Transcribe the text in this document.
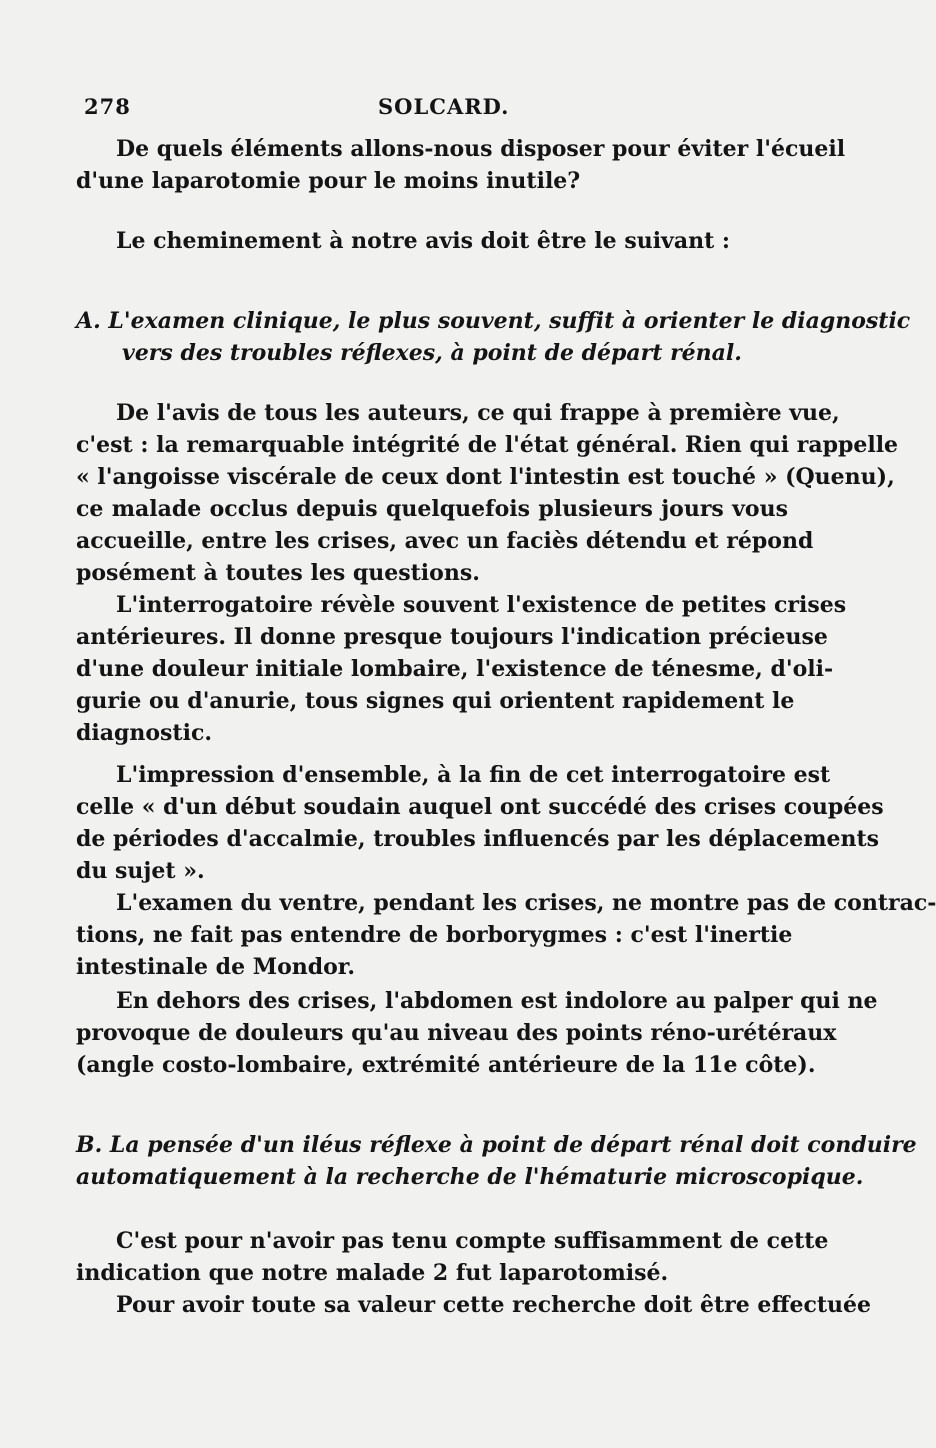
278	SOLCARD.
De quels éléments allons-nous disposer pour éviter l'écueil
d'une laparotomie pour le moins inutile?
Le cheminement à notre avis doit être le suivant :
A. L'examen clinique, le plus souvent, suffit à orienter le diagnostic
vers des troubles réflexes, à point de départ rénal.
De l'avis de tous les auteurs, ce qui frappe à première vue,
c'est : la remarquable intégrité de l'état général. Rien qui rappelle
« l'angoisse viscérale de ceux dont l'intestin est touché » (Quenu),
ce malade occlus depuis quelquefois plusieurs jours vous
accueille, entre les crises, avec un faciès détendu et répond
posément à toutes les questions.
L'interrogatoire révèle souvent l'existence de petites crises
antérieures. Il donne presque toujours l'indication précieuse
d'une douleur initiale lombaire, l'existence de ténesme, d'oli-
gurie ou d'anurie, tous signes qui orientent rapidement le
diagnostic.
L'impression d'ensemble, à la fin de cet interrogatoire est
celle « d'un début soudain auquel ont succédé des crises coupées
de périodes d'accalmie, troubles influencés par les déplacements
du sujet ».
L'examen du ventre, pendant les crises, ne montre pas de contrac-
tions, ne fait pas entendre de borborygmes : c'est l'inertie
intestinale de Mondor.
En dehors des crises, l'abdomen est indolore au palper qui ne
provoque de douleurs qu'au niveau des points réno-urétéraux
(angle costo-lombaire, extrémité antérieure de la 11e côte).
B. La pensée d'un iléus réflexe à point de départ rénal doit conduire
automatiquement à la recherche de l'hématurie microscopique.
C'est pour n'avoir pas tenu compte suffisamment de cette
indication que notre malade 2 fut laparotomisé.
Pour avoir toute sa valeur cette recherche doit être effectuée
